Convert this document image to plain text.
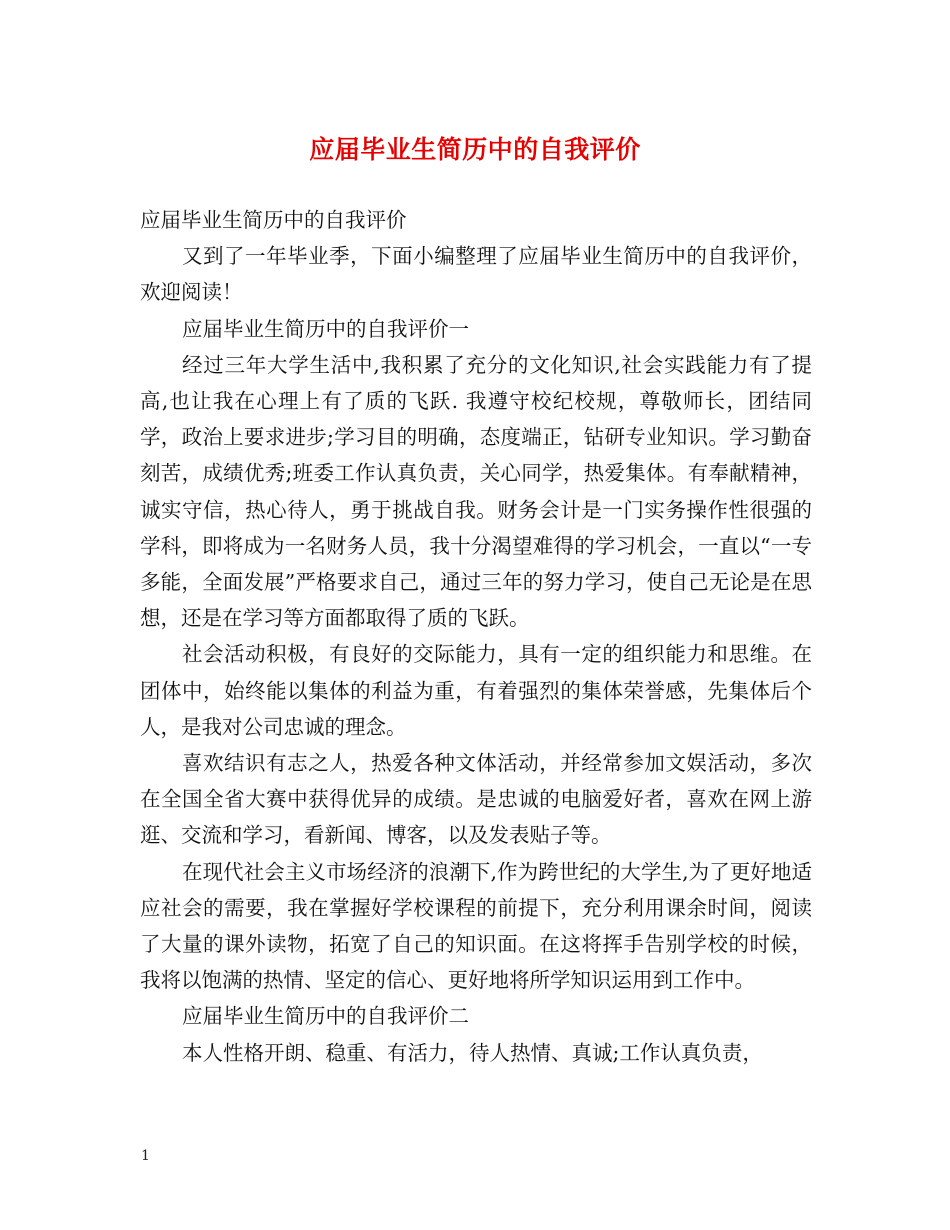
应届毕业生简历中的自我评价

应届毕业生简历中的自我评价

又到了一年毕业季，下面小编整理了应届毕业生简历中的自我评价，欢迎阅读！

应届毕业生简历中的自我评价一

经过三年大学生活中,我积累了充分的文化知识,社会实践能力有了提高,也让我在心理上有了质的飞跃. 我遵守校纪校规，尊敬师长，团结同学，政治上要求进步;学习目的明确，态度端正，钻研专业知识。学习勤奋刻苦，成绩优秀;班委工作认真负责，关心同学，热爱集体。有奉献精神，诚实守信，热心待人，勇于挑战自我。财务会计是一门实务操作性很强的学科，即将成为一名财务人员，我十分渴望难得的学习机会，一直以“一专多能，全面发展”严格要求自己，通过三年的努力学习，使自己无论是在思想，还是在学习等方面都取得了质的飞跃。

社会活动积极，有良好的交际能力，具有一定的组织能力和思维。在团体中，始终能以集体的利益为重，有着强烈的集体荣誉感，先集体后个人，是我对公司忠诚的理念。

喜欢结识有志之人，热爱各种文体活动，并经常参加文娱活动，多次在全国全省大赛中获得优异的成绩。是忠诚的电脑爱好者，喜欢在网上游逛、交流和学习，看新闻、博客，以及发表贴子等。

在现代社会主义市场经济的浪潮下,作为跨世纪的大学生,为了更好地适应社会的需要，我在掌握好学校课程的前提下，充分利用课余时间，阅读了大量的课外读物，拓宽了自己的知识面。在这将挥手告别学校的时候，我将以饱满的热情、坚定的信心、更好地将所学知识运用到工作中。

应届毕业生简历中的自我评价二

本人性格开朗、稳重、有活力，待人热情、真诚;工作认真负责，

1
